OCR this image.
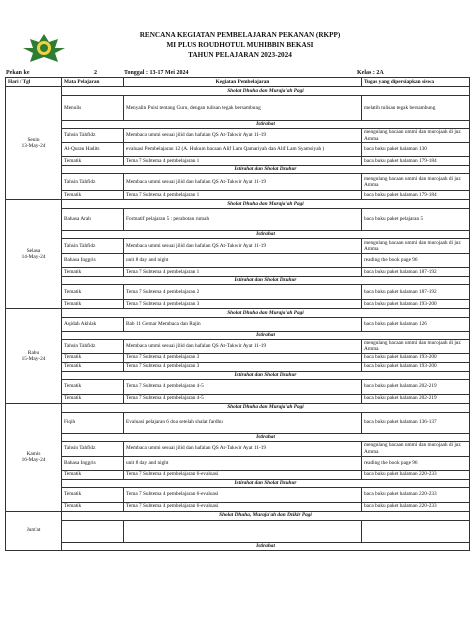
RENCANA KEGIATAN PEMBELAJARAN PEKANAN (RKPP)
MI PLUS ROUDHOTUL MUHIBBIN BEKASI
TAHUN PELAJARAN 2023-2024
Pekan ke	2	Tonggal : 13-17 Mei 2024	Kelas : 2A
Hari / Tgl	Mata Pelajaran	Kegiatan Pembelajaran	Tugas yang dipersiapkan siswa

Senin
13-May-24	Sholat Dhuha dan Muraja'ah Pagi		
	Menulis	Menyalin Puisi tentang Guru, dengan tulisan tegak bersambung	melatih tulisan tegak bersambung
	Istirahat		
	Tahsin Tahfidz	Membaca ummi sesuai jilid dan hafalan QS At-Takwir Ayat 11-19	mengulang bacaan ummi dan murojaah di juz Amma
	Al-Quran Hadits	evaluasi Pembelajaran 12 (A. Hukum bacaan Alif Lam Qamariyah dan Alif Lam Syamsiyah )	baca buku paket halaman 130
	Tematik	Tema 7 Subtema 4 pembelajaran 1	baca buku paket halaman 179-184
	Istirahat dan Sholat Dzuhur		
	Tahsin Tahfidz	Membaca ummi sesuai jilid dan hafalan QS At-Takwir Ayat 11-19	mengulang bacaan ummi dan murojaah di juz Amma
	Tematik	Tema 7 Subtema 4 pembelajaran 1	baca buku paket halaman 179-184

Selasa
14-May-24	Sholat Dhuha dan Muraja'ah Pagi		
	Bahasa Arab	Formatif pelajaran 5 : perabotan rumah	baca buku paket pelajaran 5
	Istirahat		
	Tahsin Tahfidz	Membaca ummi sesuai jilid dan hafalan QS At-Takwir Ayat 11-19	mengulang bacaan ummi dan murojaah di juz Amma
	Bahasa Inggris	unit 8 day and night	reading the book page 96
	Tematik	Tema 7 Subtema 4 pembelajaran 1	baca buku paket halaman 187-192
	Istirahat dan Sholat Dzuhur		
	Tematik	Tema 7 Subtema 4 pembelajaran 2	baca buku paket halaman 187-192
	Tematik	Tema 7 Subtema 4 pembelajaran 3	baca buku paket halaman 193-200

Rabu
15-May-24	Sholat Dhuha dan Muraja'ah Pagi		
	Aqidah Akhlak	Bab 11 Gemar Membaca dan Rajin	baca buku paket halaman 126
	Istirahat		
	Tahsin Tahfidz	Membaca ummi sesuai jilid dan hafalan QS At-Takwir Ayat 11-19	mengulang bacaan ummi dan murojaah di juz Amma
	Tematik	Tema 7 Subtema 4 pembelajaran 3	baca buku paket halaman 193-200
	Tematik	Tema 7 Subtema 4 pembelajaran 3	baca buku paket halaman 193-200
	Istirahat dan Sholat Dzuhur		
	Tematik	Tema 7 Subtema 4 pembelajaran 4-5	baca buku paket halaman 202-219
	Tematik	Tema 7 Subtema 4 pembelajaran 4-5	baca buku paket halaman 202-219

Kamis
16-May-24	Sholat Dhuha dan Muraja'ah Pagi		
	Fiqih	Evaluasi pelajaran 6 doa setelah shalat fardhu	baca buku paket halaman 136-137
	Istirahat		
	Tahsin Tahfidz	Membaca ummi sesuai jilid dan hafalan QS At-Takwir Ayat 11-19	mengulang bacaan ummi dan murojaah di juz Amma
	Bahasa Inggris	unit 8 day and night	reading the book page 96
	Tematik	Tema 7 Subtema 4 pembelajaran 6-evaluasi	baca buku paket halaman 220-233
	Istirahat dan Sholat Dzuhur		
	Tematik	Tema 7 Subtema 4 pembelajaran 6-evaluasi	baca buku paket halaman 220-233
	Tematik	Tema 7 Subtema 4 pembelajaran 6-evaluasi	baca buku paket halaman 220-233

Jum'at	Sholat Dhuha, Muraja'ah dan Dzikir Pagi		

	Istirahat		
